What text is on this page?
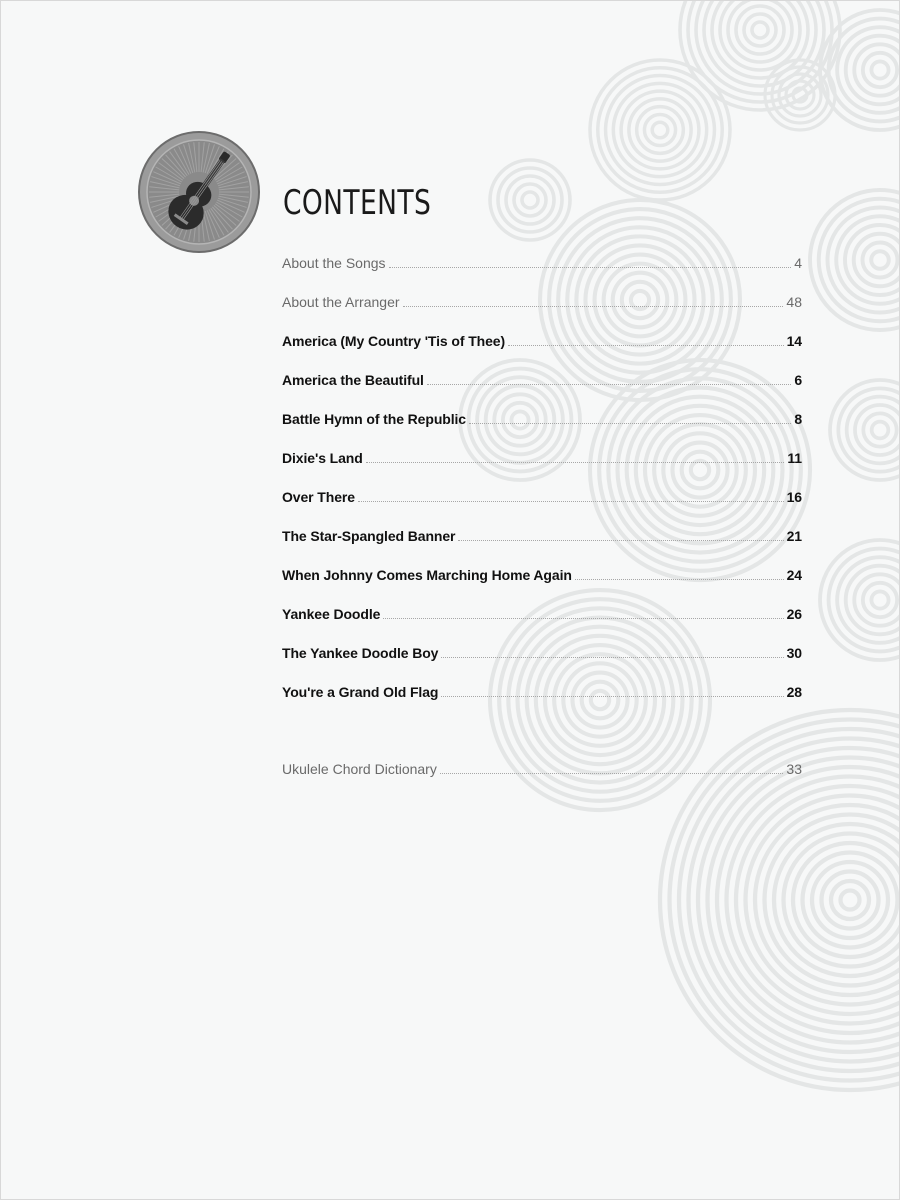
CONTENTS
About the Songs	4
About the Arranger	48
America (My Country 'Tis of Thee)	14
America the Beautiful	6
Battle Hymn of the Republic	8
Dixie's Land	11
Over There	16
The Star-Spangled Banner	21
When Johnny Comes Marching Home Again	24
Yankee Doodle	26
The Yankee Doodle Boy	30
You're a Grand Old Flag	28
Ukulele Chord Dictionary	33
